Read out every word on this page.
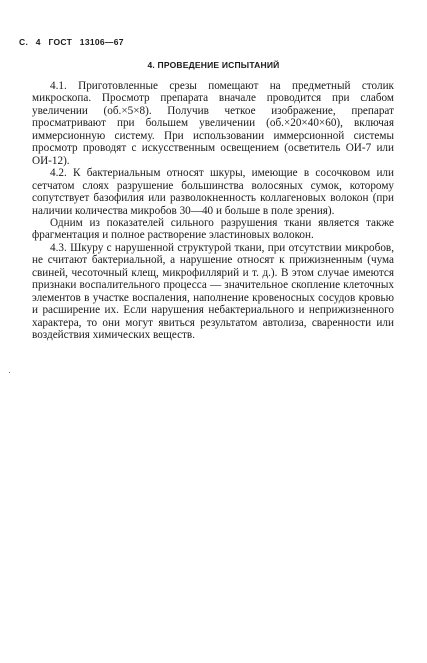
С. 4 ГОСТ 13106—67
4. ПРОВЕДЕНИЕ ИСПЫТАНИЙ

4.1. Приготовленные срезы помещают на предметный столик микроскопа. Просмотр препарата вначале проводится при слабом увеличении (об.×5×8). Получив четкое изображение, препарат просматривают при большем увеличении (об.×20×40×60), включая иммерсионную систему. При использовании иммерсионной системы просмотр проводят с искусственным освещением (осветитель ОИ-7 или ОИ-12).

4.2. К бактериальным относят шкуры, имеющие в сосочковом или сетчатом слоях разрушение большинства волосяных сумок, которому сопутствует базофилия или разволокненность коллагеновых волокон (при наличии количества микробов 30—40 и больше в поле зрения).

Одним из показателей сильного разрушения ткани является также фрагментация и полное растворение эластиновых волокон.

4.3. Шкуру с нарушенной структурой ткани, при отсутствии микробов, не считают бактериальной, а нарушение относят к прижизненным (чума свиней, чесоточный клещ, микрофиллярий и т. д.). В этом случае имеются признаки воспалительного процесса — значительное скопление клеточных элементов в участке воспаления, наполнение кровеносных сосудов кровью и расширение их. Если нарушения небактериального и неприжизненного характера, то они могут явиться результатом автолиза, сваренности или воздействия химических веществ.
